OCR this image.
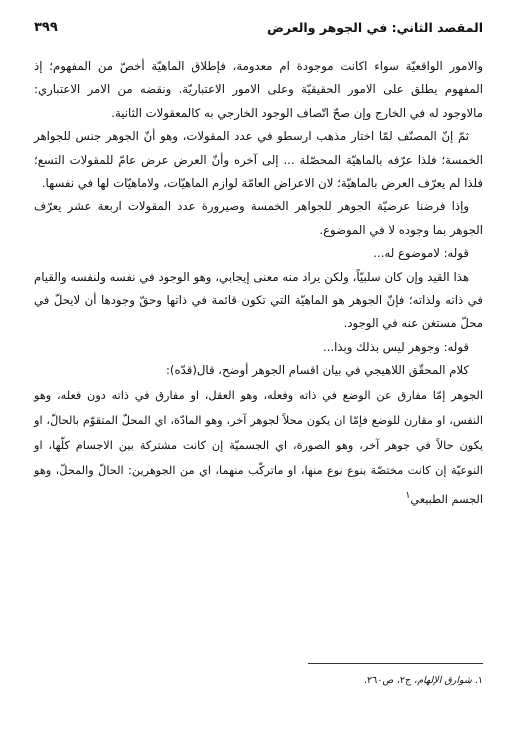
المقصد الثاني: في الجوهر والعرض
٣٩٩

والامور الواقعيّة سواء اكانت موجودة ام معدومة، فإطلاق الماهيّة أخصّ من المفهوم؛ إذ المفهوم يطلق على الامور الحقيقيّة وعلى الامور الاعتباريّة. ونقضه من الامر الاعتباري: مالاوجود له في الخارج وإن صحّ اتّصاف الوجود الخارجي به كالمعقولات الثانية.

ثمّ إنّ المصنّف لمّا اختار مذهب ارسطو في عدد المقولات، وهو أنّ الجوهر جنس للجواهر الخمسة؛ فلذا عرّفه بالماهيّة المحصّلة ... إلى آخره وأنّ العرض عرض عامّ للمقولات التسع؛ فلذا لم يعرّف العرض بالماهيّة؛ لان الاعراض العامّة لوازم الماهيّات، ولاماهيّات لها في نفسها.

وإذا فرضنا عرضيّة الجوهر للجواهر الخمسة وصيرورة عدد المقولات اربعة عشر يعرّف الجوهر بما وجوده لا في الموضوع.

قوله: لاموضوع له...

هذا القيد وإن كان سلبيّاً، ولكن يراد منه معنى إيجابي، وهو الوجود في نفسه ولنفسه والقيام في ذاته ولذاته؛ فإنّ الجوهر هو الماهيّة التي تكون قائمة في ذاتها وحقّ وجودها أن لايحلّ في محلّ مستغن عنه في الوجود.

قوله: وجوهر ليس بذلك وبذا...

كلام المحقّق اللاهيجي في بيان اقسام الجوهر أوضح، قال(قدّه):

الجوهر إمّا مفارق عن الوضع في ذاته وفعله، وهو العقل، او مفارق في ذاته دون فعله، وهو النفس، او مقارن للوضع فإمّا ان يكون محلاً لجوهر آخر، وهو المادّة، اي المحلّ المتقوّم بالحالّ، او يكون حالاً في جوهر آخر، وهو الصورة، اي الجسميّة إن كانت مشتركة بين الاجسام كلّها، او النوعيّة إن كانت مختصّة بنوع نوع منها، او ماتركّب منهما، اي من الجوهرين: الحالّ والمحلّ، وهو الجسم الطبيعي$^١$

١. شوارق الإلهام، ج٢، ص٢٦٠.
